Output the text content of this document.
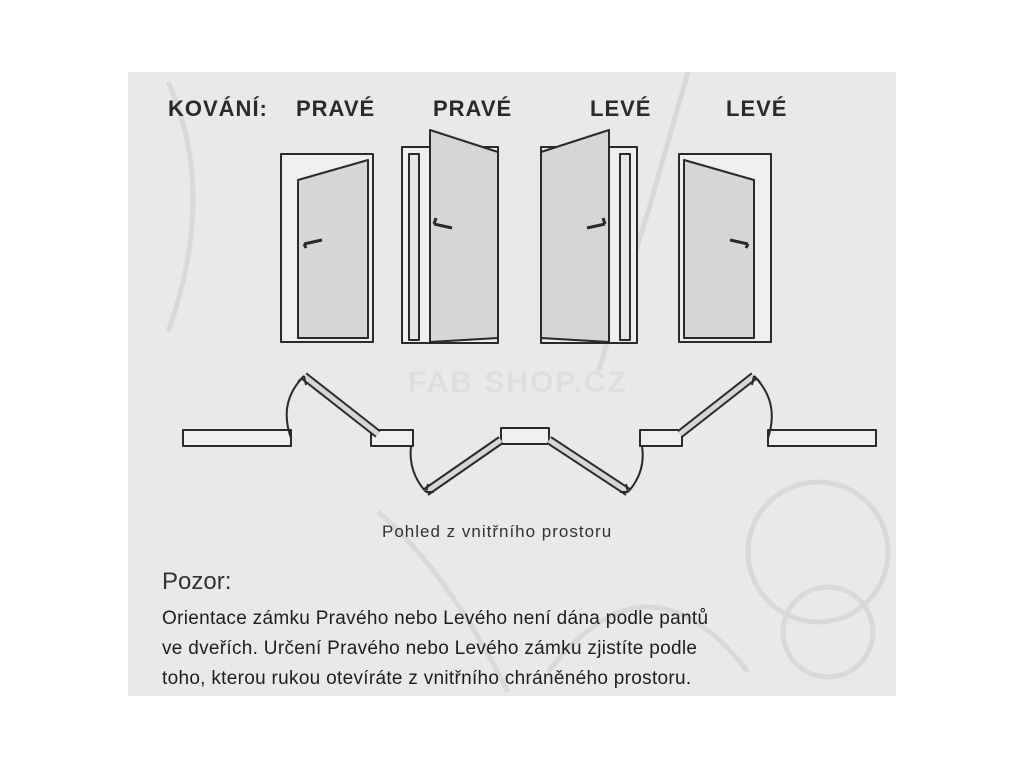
FAB SHOP.CZ
KOVÁNÍ: PRAVÉ	PRAVÉ	LEVÉ	LEVÉ
Pohled z vnitřního prostoru
Pozor:
Orientace zámku Pravého nebo Levého není dána podle pantů
ve dveřích. Určení Pravého nebo Levého zámku zjistíte podle
toho, kterou rukou otevíráte z vnitřního chráněného prostoru.
